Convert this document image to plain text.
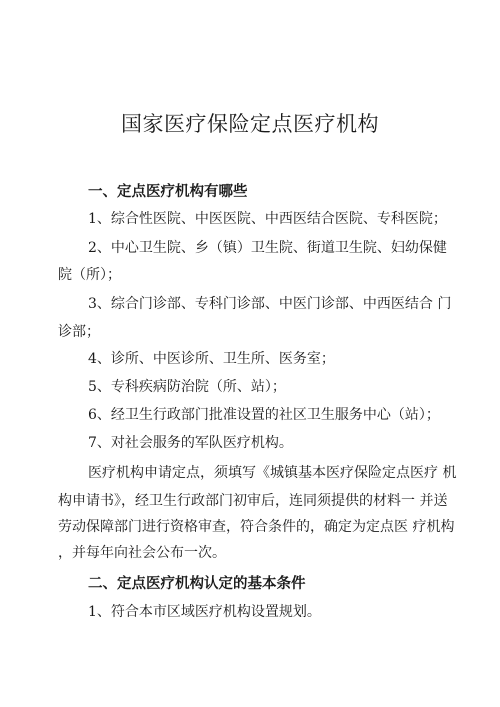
国家医疗保险定点医疗机构
一、定点医疗机构有哪些
1、综合性医院、中医医院、中西医结合医院、专科医院；
2、中心卫生院、乡（镇）卫生院、街道卫生院、妇幼保健
院（所）；
3、综合门诊部、专科门诊部、中医门诊部、中西医结合 门
诊部；
4、诊所、中医诊所、卫生所、医务室；
5、专科疾病防治院（所、站）；
6、经卫生行政部门批准设置的社区卫生服务中心（站）；
7、对社会服务的军队医疗机构。
医疗机构申请定点，须填写《城镇基本医疗保险定点医疗 机
构申请书》，经卫生行政部门初审后，连同须提供的材料一 并送
劳动保障部门进行资格审查，符合条件的，确定为定点医 疗机构
，并每年向社会公布一次。
二、定点医疗机构认定的基本条件
1、符合本市区域医疗机构设置规划。
